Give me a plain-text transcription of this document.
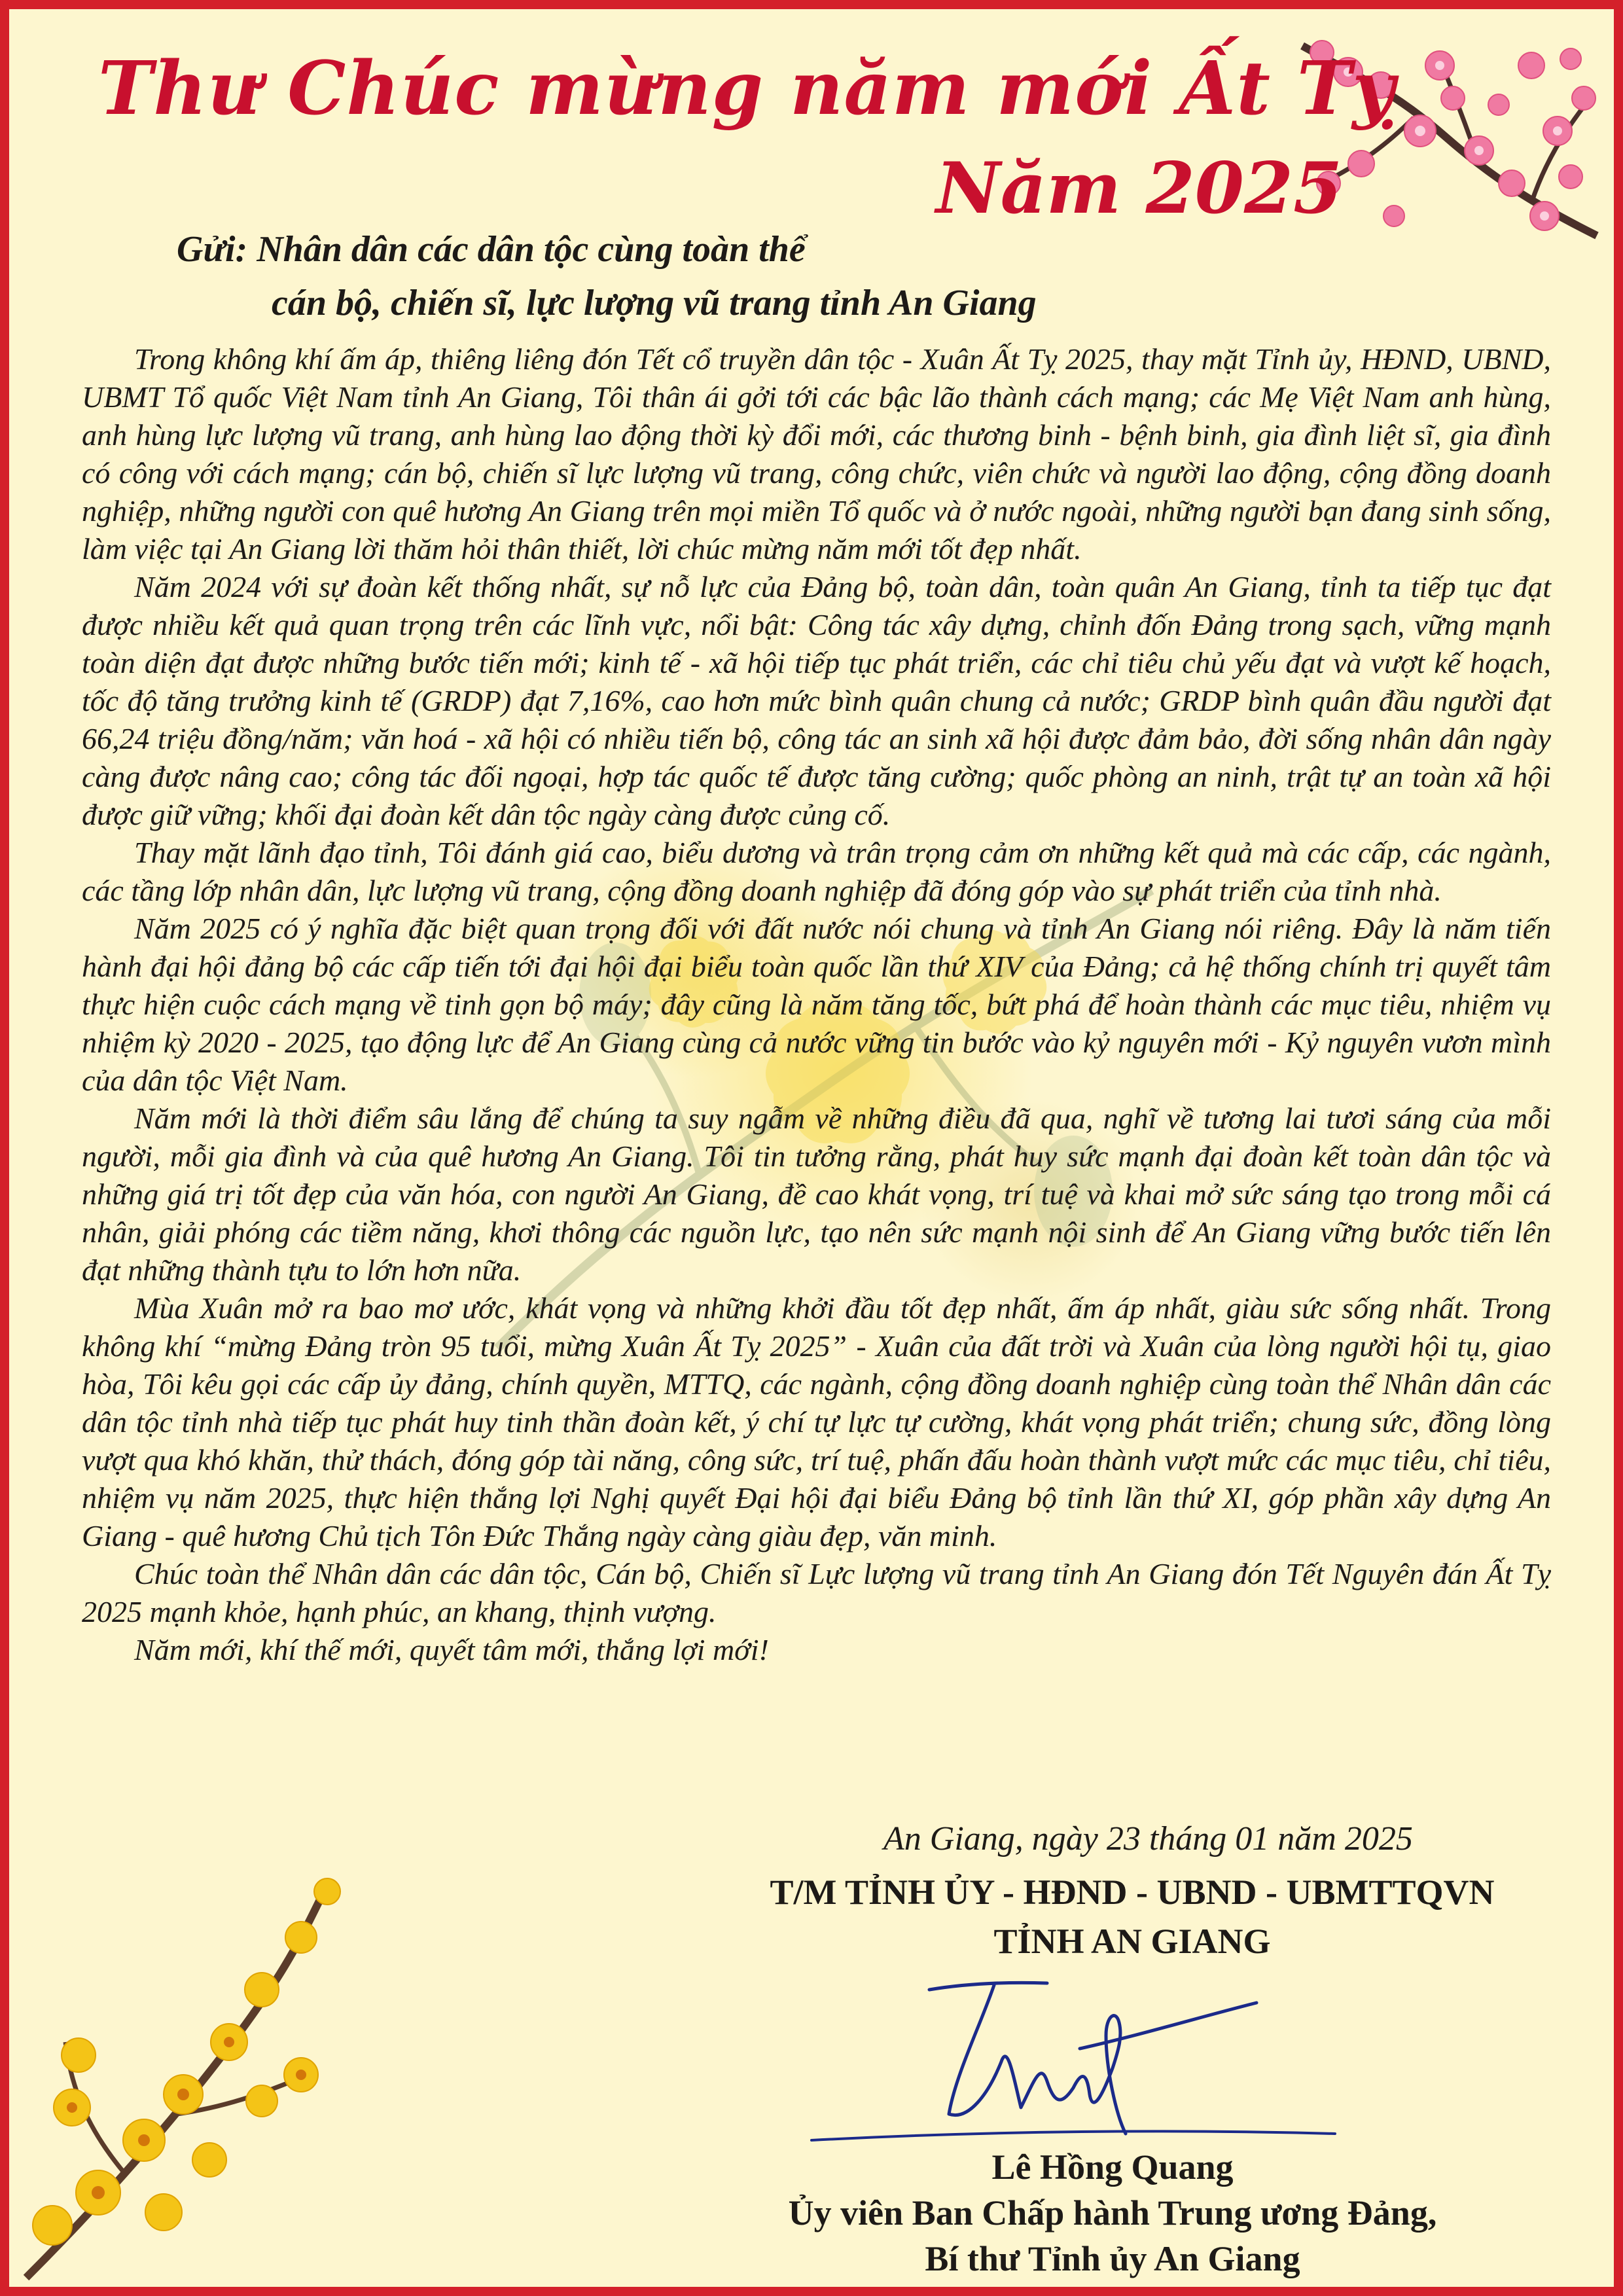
Thư Chúc mừng năm mới Ất Tỵ
Năm 2025
Gửi: Nhân dân các dân tộc cùng toàn thể
cán bộ, chiến sĩ, lực lượng vũ trang tỉnh An Giang

Trong không khí ấm áp, thiêng liêng đón Tết cổ truyền dân tộc - Xuân Ất Tỵ 2025, thay mặt Tỉnh ủy, HĐND, UBND, UBMT Tổ quốc Việt Nam tỉnh An Giang, Tôi thân ái gởi tới các bậc lão thành cách mạng; các Mẹ Việt Nam anh hùng, anh hùng lực lượng vũ trang, anh hùng lao động thời kỳ đổi mới, các thương binh - bệnh binh, gia đình liệt sĩ, gia đình có công với cách mạng; cán bộ, chiến sĩ lực lượng vũ trang, công chức, viên chức và người lao động, cộng đồng doanh nghiệp, những người con quê hương An Giang trên mọi miền Tổ quốc và ở nước ngoài, những người bạn đang sinh sống, làm việc tại An Giang lời thăm hỏi thân thiết, lời chúc mừng năm mới tốt đẹp nhất.

Năm 2024 với sự đoàn kết thống nhất, sự nỗ lực của Đảng bộ, toàn dân, toàn quân An Giang, tỉnh ta tiếp tục đạt được nhiều kết quả quan trọng trên các lĩnh vực, nổi bật: Công tác xây dựng, chỉnh đốn Đảng trong sạch, vững mạnh toàn diện đạt được những bước tiến mới; kinh tế - xã hội tiếp tục phát triển, các chỉ tiêu chủ yếu đạt và vượt kế hoạch, tốc độ tăng trưởng kinh tế (GRDP) đạt 7,16%, cao hơn mức bình quân chung cả nước; GRDP bình quân đầu người đạt 66,24 triệu đồng/năm; văn hoá - xã hội có nhiều tiến bộ, công tác an sinh xã hội được đảm bảo, đời sống nhân dân ngày càng được nâng cao; công tác đối ngoại, hợp tác quốc tế được tăng cường; quốc phòng an ninh, trật tự an toàn xã hội được giữ vững; khối đại đoàn kết dân tộc ngày càng được củng cố.

Thay mặt lãnh đạo tỉnh, Tôi đánh giá cao, biểu dương và trân trọng cảm ơn những kết quả mà các cấp, các ngành, các tầng lớp nhân dân, lực lượng vũ trang, cộng đồng doanh nghiệp đã đóng góp vào sự phát triển của tỉnh nhà.

Năm 2025 có ý nghĩa đặc biệt quan trọng đối với đất nước nói chung và tỉnh An Giang nói riêng. Đây là năm tiến hành đại hội đảng bộ các cấp tiến tới đại hội đại biểu toàn quốc lần thứ XIV của Đảng; cả hệ thống chính trị quyết tâm thực hiện cuộc cách mạng về tinh gọn bộ máy; đây cũng là năm tăng tốc, bứt phá để hoàn thành các mục tiêu, nhiệm vụ nhiệm kỳ 2020 - 2025, tạo động lực để An Giang cùng cả nước vững tin bước vào kỷ nguyên mới - Kỷ nguyên vươn mình của dân tộc Việt Nam.

Năm mới là thời điểm sâu lắng để chúng ta suy ngẫm về những điều đã qua, nghĩ về tương lai tươi sáng của mỗi người, mỗi gia đình và của quê hương An Giang. Tôi tin tưởng rằng, phát huy sức mạnh đại đoàn kết toàn dân tộc và những giá trị tốt đẹp của văn hóa, con người An Giang, đề cao khát vọng, trí tuệ và khai mở sức sáng tạo trong mỗi cá nhân, giải phóng các tiềm năng, khơi thông các nguồn lực, tạo nên sức mạnh nội sinh để An Giang vững bước tiến lên đạt những thành tựu to lớn hơn nữa.

Mùa Xuân mở ra bao mơ ước, khát vọng và những khởi đầu tốt đẹp nhất, ấm áp nhất, giàu sức sống nhất. Trong không khí “mừng Đảng tròn 95 tuổi, mừng Xuân Ất Tỵ 2025” - Xuân của đất trời và Xuân của lòng người hội tụ, giao hòa, Tôi kêu gọi các cấp ủy đảng, chính quyền, MTTQ, các ngành, cộng đồng doanh nghiệp cùng toàn thể Nhân dân các dân tộc tỉnh nhà tiếp tục phát huy tinh thần đoàn kết, ý chí tự lực tự cường, khát vọng phát triển; chung sức, đồng lòng vượt qua khó khăn, thử thách, đóng góp tài năng, công sức, trí tuệ, phấn đấu hoàn thành vượt mức các mục tiêu, chỉ tiêu, nhiệm vụ năm 2025, thực hiện thắng lợi Nghị quyết Đại hội đại biểu Đảng bộ tỉnh lần thứ XI, góp phần xây dựng An Giang - quê hương Chủ tịch Tôn Đức Thắng ngày càng giàu đẹp, văn minh.

Chúc toàn thể Nhân dân các dân tộc, Cán bộ, Chiến sĩ Lực lượng vũ trang tỉnh An Giang đón Tết Nguyên đán Ất Tỵ 2025 mạnh khỏe, hạnh phúc, an khang, thịnh vượng.

Năm mới, khí thế mới, quyết tâm mới, thắng lợi mới!

An Giang, ngày 23 tháng 01 năm 2025
T/M TỈNH ỦY - HĐND - UBND - UBMTTQVN
TỈNH AN GIANG
Lê Hồng Quang
Ủy viên Ban Chấp hành Trung ương Đảng,
Bí thư Tỉnh ủy An Giang
